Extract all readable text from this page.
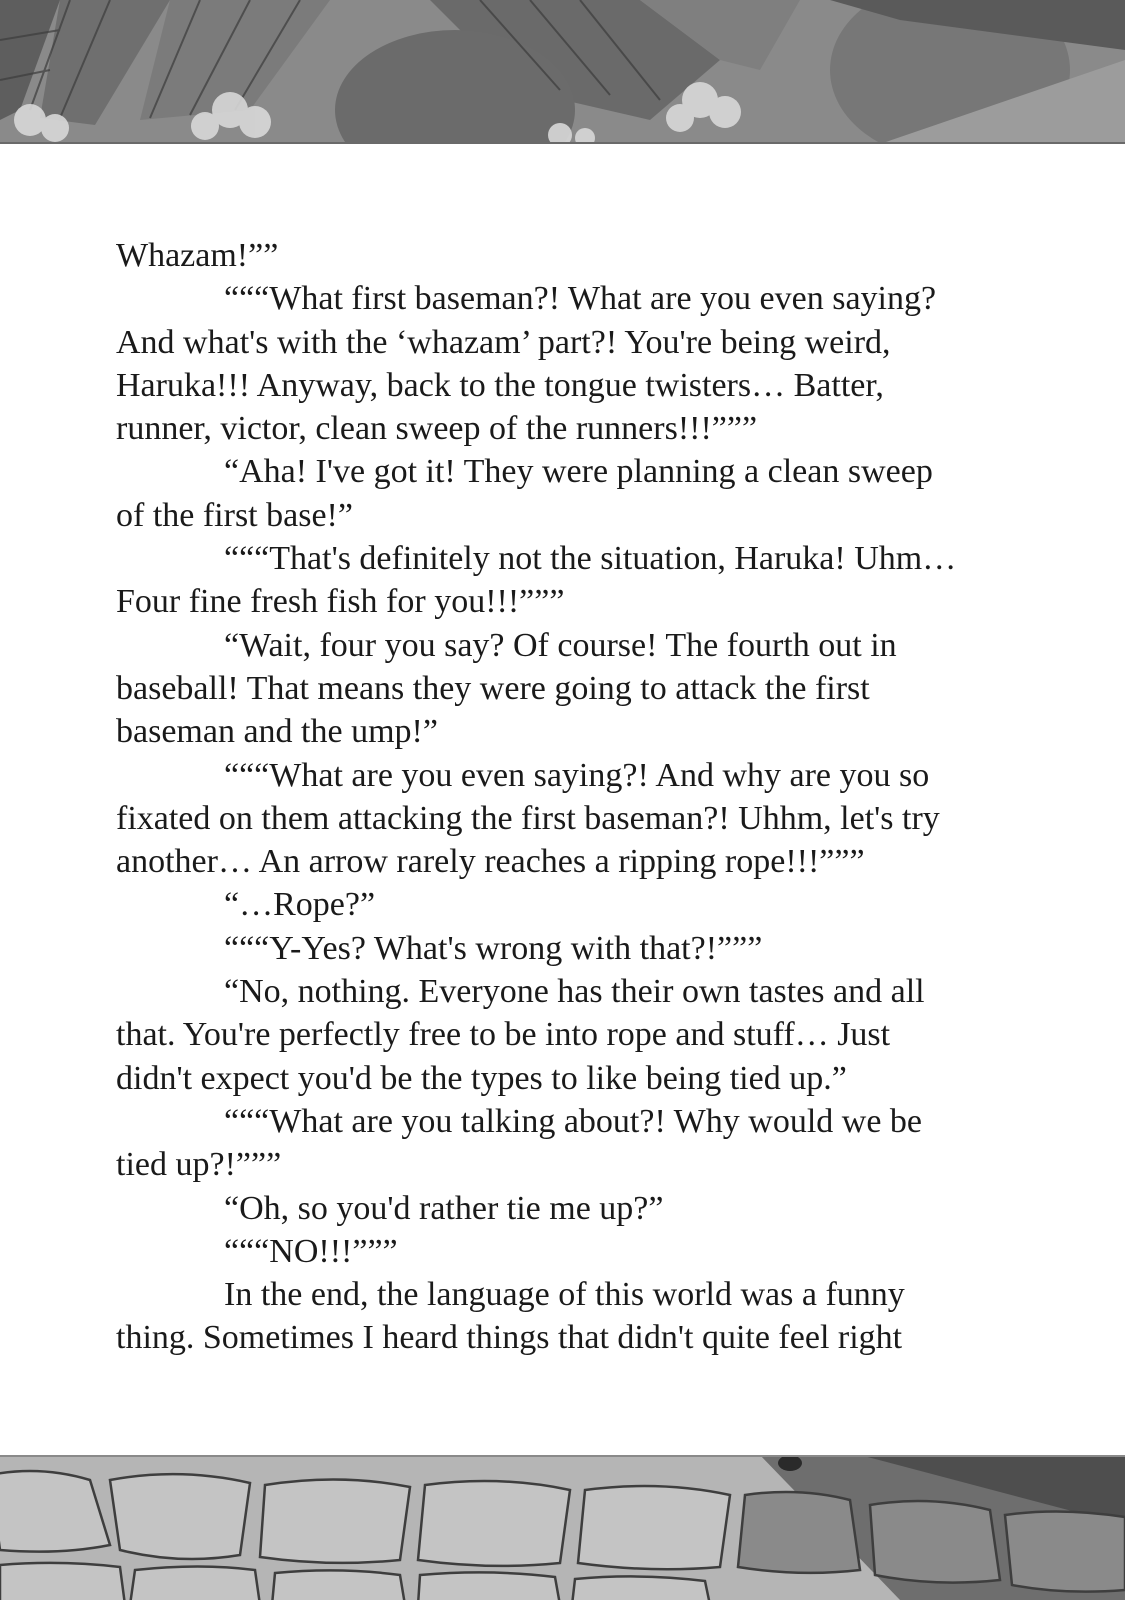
Whazam!””
“““What first baseman?! What are you even saying?
And what's with the ‘whazam’ part?! You're being weird,
Haruka!!! Anyway, back to the tongue twisters… Batter,
runner, victor, clean sweep of the runners!!!”””
“Aha! I've got it! They were planning a clean sweep
of the first base!”
“““That's definitely not the situation, Haruka! Uhm…
Four fine fresh fish for you!!!”””
“Wait, four you say? Of course! The fourth out in
baseball! That means they were going to attack the first
baseman and the ump!”
“““What are you even saying?! And why are you so
fixated on them attacking the first baseman?! Uhhm, let's try
another… An arrow rarely reaches a ripping rope!!!”””
“…Rope?”
“““Y-Yes? What's wrong with that?!”””
“No, nothing. Everyone has their own tastes and all
that. You're perfectly free to be into rope and stuff… Just
didn't expect you'd be the types to like being tied up.”
“““What are you talking about?! Why would we be
tied up?!”””
“Oh, so you'd rather tie me up?”
“““NO!!!”””
In the end, the language of this world was a funny
thing. Sometimes I heard things that didn't quite feel right
